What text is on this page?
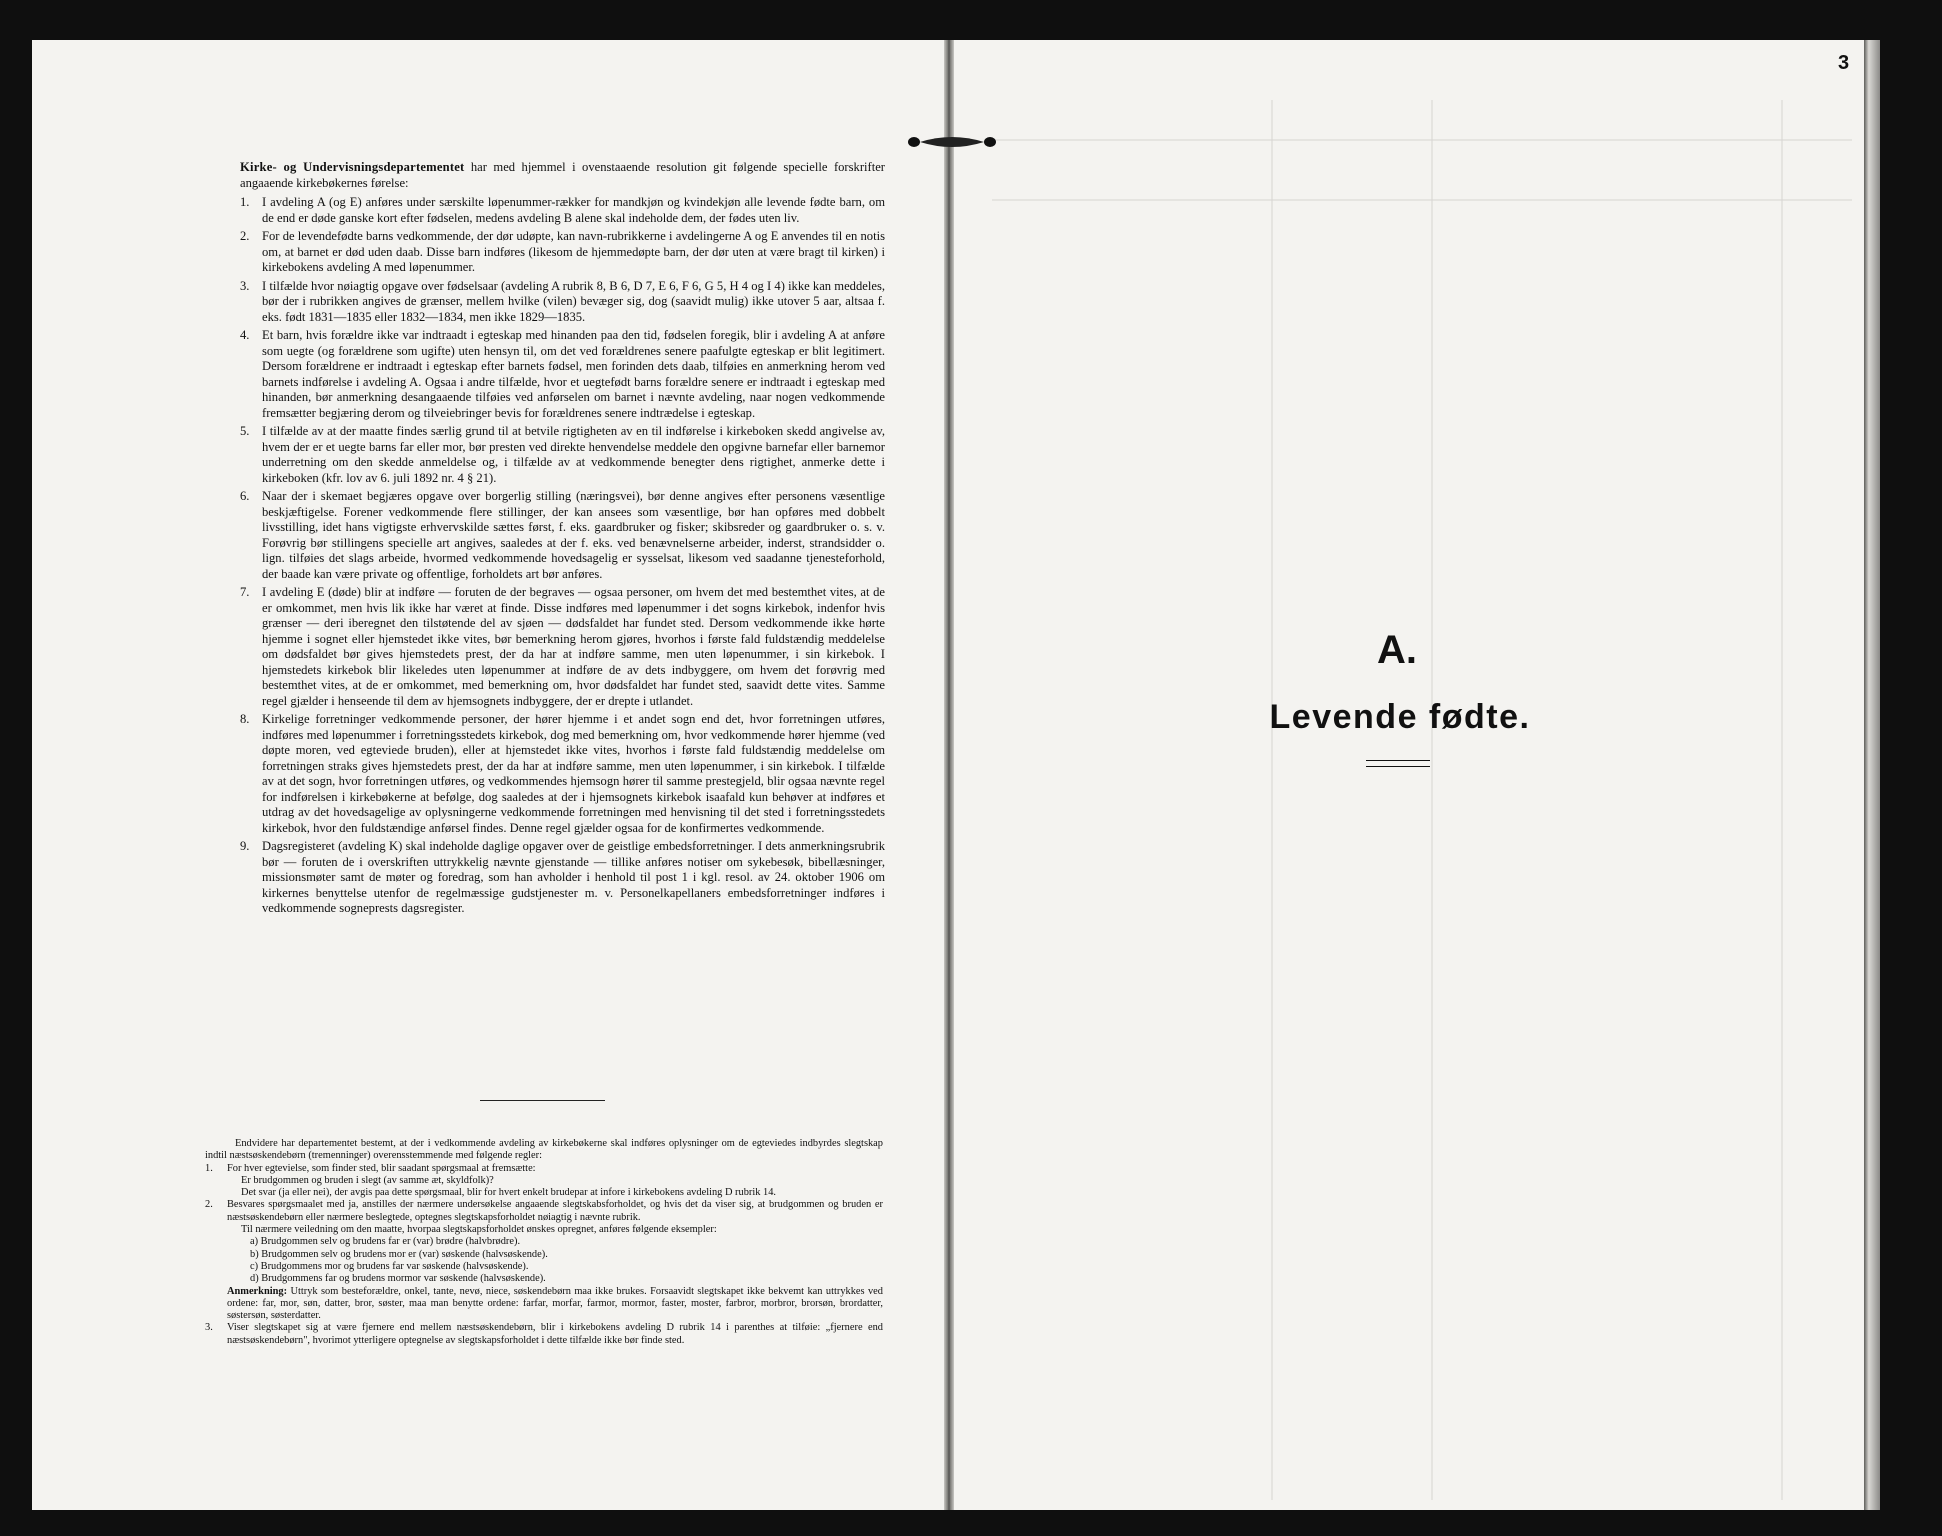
Kirke- og Undervisningsdepartementet har med hjemmel i ovenstaaende resolution git følgende specielle forskrifter angaaende kirkebøkernes førelse:

1. I avdeling A (og E) anføres under særskilte løpenummer-rækker for mandkjøn og kvindekjøn alle levende fødte barn, om de end er døde ganske kort efter fødselen, medens avdeling B alene skal indeholde dem, der fødes uten liv.
2. For de levendefødte barns vedkommende, der dør udøpte, kan navn-rubrikkerne i avdelingerne A og E anvendes til en notis om, at barnet er død uden daab. Disse barn indføres (likesom de hjemmedøpte barn, der dør uten at være bragt til kirken) i kirkebokens avdeling A med løpenummer.
3. I tilfælde hvor nøiagtig opgave over fødselsaar (avdeling A rubrik 8, B 6, D 7, E 6, F 6, G 5, H 4 og I 4) ikke kan meddeles, bør der i rubrikken angives de grænser, mellem hvilke (vilen) bevæger sig, dog (saavidt mulig) ikke utover 5 aar, altsaa f. eks. født 1831—1835 eller 1832—1834, men ikke 1829—1835.
4. Et barn, hvis forældre ikke var indtraadt i egteskap med hinanden paa den tid, fødselen foregik, blir i avdeling A at anføre som uegte (og forældrene som ugifte) uten hensyn til, om det ved forældrenes senere paafulgte egteskap er blit legitimert. Dersom forældrene er indtraadt i egteskap efter barnets fødsel, men forinden dets daab, tilføies en anmerkning herom ved barnets indførelse i avdeling A. Ogsaa i andre tilfælde, hvor et uegtefødt barns forældre senere er indtraadt i egteskap med hinanden, bør anmerkning desangaaende tilføies ved anførselen om barnet i nævnte avdeling, naar nogen vedkommende fremsætter begjæring derom og tilveiebringer bevis for forældrenes senere indtrædelse i egteskap.
5. I tilfælde av at der maatte findes særlig grund til at betvile rigtigheten av en til indførelse i kirkeboken skedd angivelse av, hvem der er et uegte barns far eller mor, bør presten ved direkte henvendelse meddele den opgivne barnefar eller barnemor underretning om den skedde anmeldelse og, i tilfælde av at vedkommende benegter dens rigtighet, anmerke dette i kirkeboken (kfr. lov av 6. juli 1892 nr. 4 § 21).
6. Naar der i skemaet begjæres opgave over borgerlig stilling (næringsvei), bør denne angives efter personens væsentlige beskjæftigelse. Forener vedkommende flere stillinger, der kan ansees som væsentlige, bør han opføres med dobbelt livsstilling, idet hans vigtigste erhvervskilde sættes først, f. eks. gaardbruker og fisker; skibsreder og gaardbruker o. s. v. Forøvrig bør stillingens specielle art angives, saaledes at der f. eks. ved benævnelserne arbeider, inderst, strandsidder o. lign. tilføies det slags arbeide, hvormed vedkommende hovedsagelig er sysselsat, likesom ved saadanne tjenesteforhold, der baade kan være private og offentlige, forholdets art bør anføres.
7. I avdeling E (døde) blir at indføre — foruten de der begraves — ogsaa personer, om hvem det med bestemthet vites, at de er omkommet, men hvis lik ikke har været at finde. Disse indføres med løpenummer i det sogns kirkebok, indenfor hvis grænser — deri iberegnet den tilstøtende del av sjøen — dødsfaldet har fundet sted. Dersom vedkommende ikke hørte hjemme i sognet eller hjemstedet ikke vites, bør bemerkning herom gjøres, hvorhos i første fald fuldstændig meddelelse om dødsfaldet bør gives hjemstedets prest, der da har at indføre samme, men uten løpenummer, i sin kirkebok. I hjemstedets kirkebok blir likeledes uten løpenummer at indføre de av dets indbyggere, om hvem det forøvrig med bestemthet vites, at de er omkommet, med bemerkning om, hvor dødsfaldet har fundet sted, saavidt dette vites. Samme regel gjælder i henseende til dem av hjemsognets indbyggere, der er drepte i utlandet.
8. Kirkelige forretninger vedkommende personer, der hører hjemme i et andet sogn end det, hvor forretningen utføres, indføres med løpenummer i forretningsstedets kirkebok, dog med bemerkning om, hvor vedkommende hører hjemme (ved døpte moren, ved egteviede bruden), eller at hjemstedet ikke vites, hvorhos i første fald fuldstændig meddelelse om forretningen straks gives hjemstedets prest, der da har at indføre samme, men uten løpenummer, i sin kirkebok. I tilfælde av at det sogn, hvor forretningen utføres, og vedkommendes hjemsogn hører til samme prestegjeld, blir ogsaa nævnte regel for indførelsen i kirkebøkerne at befølge, dog saaledes at der i hjemsognets kirkebok isaafald kun behøver at indføres et utdrag av det hovedsagelige av oplysningerne vedkommende forretningen med henvisning til det sted i forretningsstedets kirkebok, hvor den fuldstændige anførsel findes. Denne regel gjælder ogsaa for de konfirmertes vedkommende.
9. Dagsregisteret (avdeling K) skal indeholde daglige opgaver over de geistlige embedsforretninger. I dets anmerkningsrubrik bør — foruten de i overskriften uttrykkelig nævnte gjenstande — tillike anføres notiser om sykebesøk, bibellæsninger, missionsmøter samt de møter og foredrag, som han avholder i henhold til post 1 i kgl. resol. av 24. oktober 1906 om kirkernes benyttelse utenfor de regelmæssige gudstjenester m. v. Personelkapellaners embedsforretninger indføres i vedkommende sogneprests dagsregister.

Endvidere har departementet bestemt, at der i vedkommende avdeling av kirkebøkerne skal indføres oplysninger om de egteviedes indbyrdes slegtskap indtil næstsøskendebørn (tremenninger) overensstemmende med følgende regler:

1.	For hver egtevielse, som finder sted, blir saadant spørgsmaal at fremsætte:

Er brudgommen og bruden i slegt (av samme æt, skyldfolk)?

Det svar (ja eller nei), der avgis paa dette spørgsmaal, blir for hvert enkelt brudepar at infore i kirkebokens avdeling D rubrik 14.

2.	Besvares spørgsmaalet med ja, anstilles der nærmere undersøkelse angaaende slegtskabsforholdet, og hvis det da viser sig, at brudgommen og bruden er næstsøskendebørn eller nærmere beslegtede, optegnes slegtskapsforholdet nøiagtig i nævnte rubrik.

Til nærmere veiledning om den maatte, hvorpaa slegtskapsforholdet ønskes opregnet, anføres følgende eksempler:

a) Brudgommen selv og brudens far er (var) brødre (halvbrødre).

b) Brudgommen selv og brudens mor er (var) søskende (halvsøskende).

c) Brudgommens mor og brudens far var søskende (halvsøskende).

d) Brudgommens far og brudens mormor var søskende (halvsøskende).

Anmerkning: Uttryk som besteforældre, onkel, tante, nevø, niece, søskendebørn maa ikke brukes. Forsaavidt slegtskapet ikke bekvemt kan uttrykkes ved ordene: far, mor, søn, datter, bror, søster, maa man benytte ordene: farfar, morfar, farmor, mormor, faster, moster, farbror, morbror, brorsøn, brordatter, søstersøn, søsterdatter.

3.	Viser slegtskapet sig at være fjernere end mellem næstsøskendebørn, blir i kirkebokens avdeling D rubrik 14 i parenthes at tilføie: „fjernere end næstsøskendebørn", hvorimot ytterligere optegnelse av slegtskapsforholdet i dette tilfælde ikke bør finde sted.
A.
Levende fødte.
3
